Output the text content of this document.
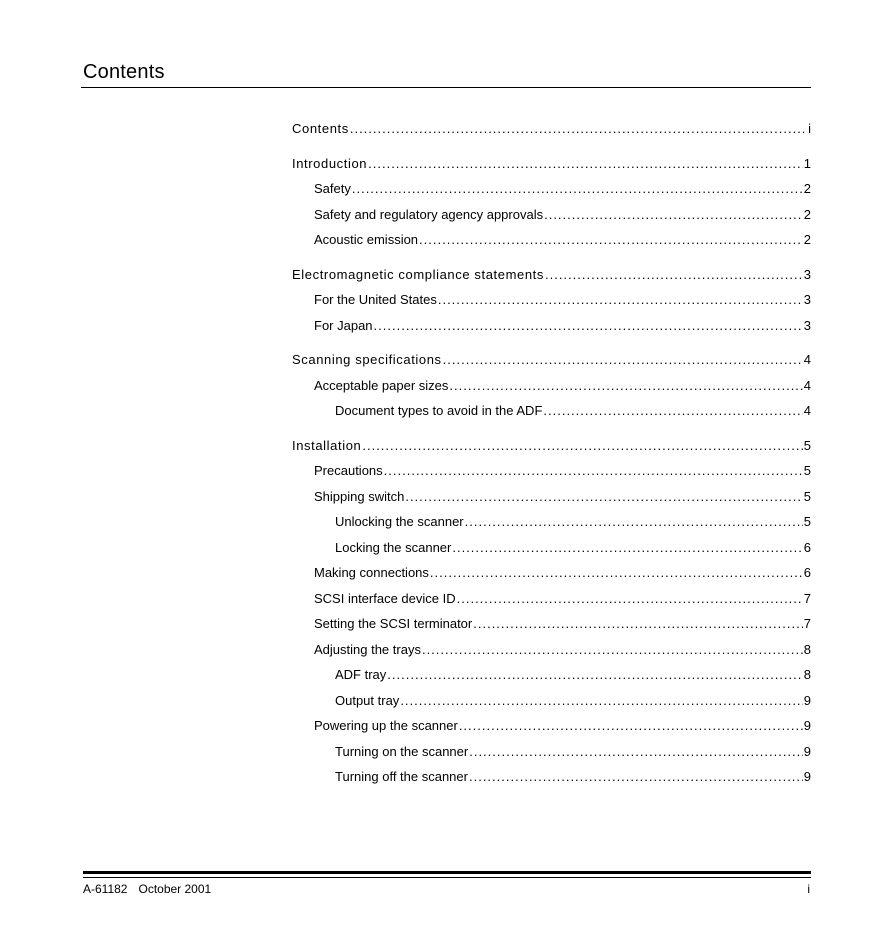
Contents
Contents .....	i
Introduction .....	1
Safety .....	2
Safety and regulatory agency approvals .....	2
Acoustic emission .....	2
Electromagnetic compliance statements .....	3
For the United States .....	3
For Japan .....	3
Scanning specifications .....	4
Acceptable paper sizes .....	4
Document types to avoid in the ADF .....	4
Installation .....	5
Precautions .....	5
Shipping switch .....	5
Unlocking the scanner .....	5
Locking the scanner .....	6
Making connections .....	6
SCSI interface device ID .....	7
Setting the SCSI terminator .....	7
Adjusting the trays .....	8
ADF tray .....	8
Output tray .....	9
Powering up the scanner .....	9
Turning on the scanner .....	9
Turning off the scanner .....	9
A-61182 October 2001	i
